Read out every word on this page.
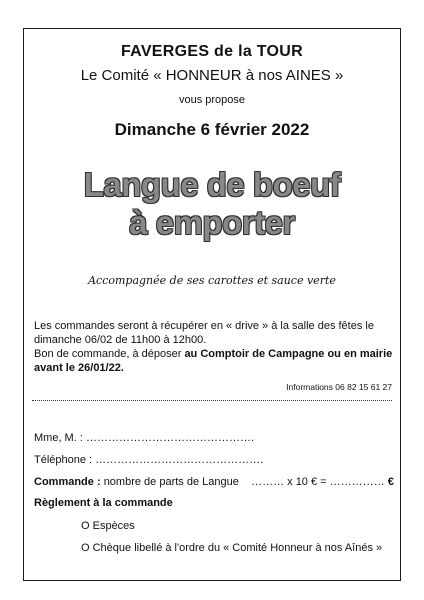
FAVERGES de la TOUR
Le Comité « HONNEUR à nos AINES »
vous propose
Dimanche 6 février 2022
Langue de boeuf
à emporter
Accompagnée de ses carottes et sauce verte
Les commandes seront à récupérer en « drive » à la salle des fêtes le
dimanche 06/02 de 11h00 à 12h00.
Bon de commande, à déposer au Comptoir de Campagne ou en mairie
avant le 26/01/22.
Informations 06 82 15 61 27
Mme, M. : ……………………………………….
Téléphone : ……………………………………….
Commande : nombre de parts de Langue ……… x 10 € = …………… €
Règlement à la commande
O Espèces
O Chèque libellé à l'ordre du « Comité Honneur à nos Aînés »
